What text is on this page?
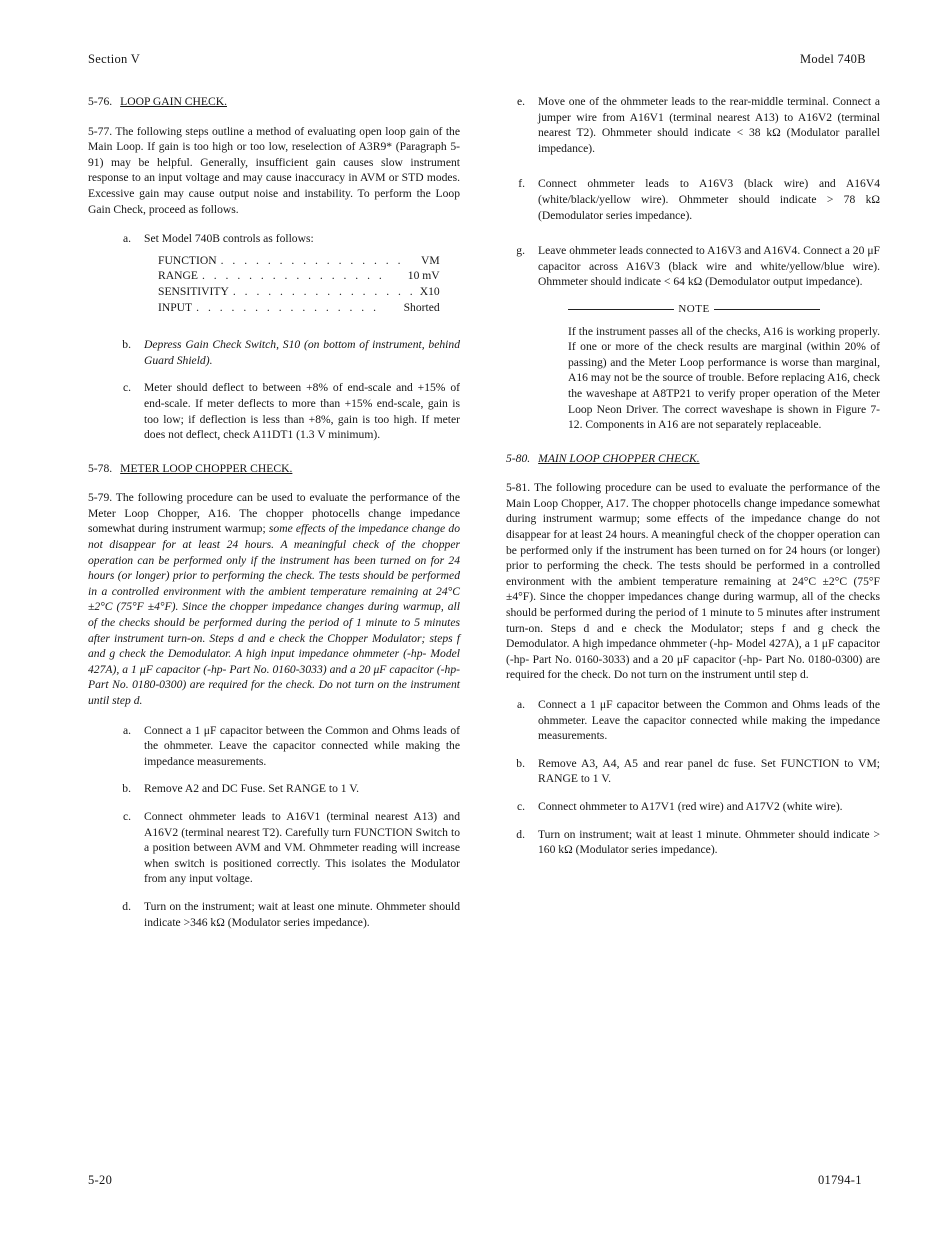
Section V	Model 740B
5-76. LOOP GAIN CHECK.

5-77. The following steps outline a method of evaluating open loop gain of the Main Loop. If gain is too high or too low, reselection of A3R9* (Paragraph 5-91) may be helpful. Generally, insufficient gain causes slow instrument response to an input voltage and may cause inaccuracy in AVM or STD modes. Excessive gain may cause output noise and instability. To perform the Loop Gain Check, proceed as follows.

a.	Set Model 740B controls as follows:
FUNCTION . . . . . . . . . . . . . . . .	VM
RANGE . . . . . . . . . . . . . . . .	10 mV
SENSITIVITY . . . . . . . . . . . . . . . . X10
INPUT . . . . . . . . . . . . . . . .	Shorted
b.	Depress Gain Check Switch, S10 (on bottom of instrument, behind Guard Shield).
c.	Meter should deflect to between +8% of end-scale and +15% of end-scale. If meter deflects to more than +15% end-scale, gain is too low; if deflection is less than +8%, gain is too high. If meter does not deflect, check A11DT1 (1.3 V minimum).
5-78. METER LOOP CHOPPER CHECK.

5-79. The following procedure can be used to evaluate the performance of the Meter Loop Chopper, A16. The chopper photocells change impedance somewhat during instrument warmup; some effects of the impedance change do not disappear for at least 24 hours. A meaningful check of the chopper operation can be performed only if the instrument has been turned on for 24 hours (or longer) prior to performing the check. The tests should be performed in a controlled environment with the ambient temperature remaining at 24°C ±2°C (75°F ±4°F). Since the chopper impedance changes during warmup, all of the checks should be performed during the period of 1 minute to 5 minutes after instrument turn-on. Steps d and e check the Chopper Modulator; steps f and g check the Demodulator. A high input impedance ohmmeter (-hp- Model 427A), a 1 μF capacitor (-hp- Part No. 0160-3033) and a 20 μF capacitor (-hp- Part No. 0180-0300) are required for the check. Do not turn on the instrument until step d.

a.	Connect a 1 μF capacitor between the Common and Ohms leads of the ohmmeter. Leave the capacitor connected while making the impedance measurements.
b.	Remove A2 and DC Fuse. Set RANGE to 1 V.
c.	Connect ohmmeter leads to A16V1 (terminal nearest A13) and A16V2 (terminal nearest T2). Carefully turn FUNCTION Switch to a position between AVM and VM. Ohmmeter reading will increase when switch is positioned correctly. This isolates the Modulator from any input voltage.
d.	Turn on the instrument; wait at least one minute. Ohmmeter should indicate >346 kΩ (Modulator series impedance).
e.	Move one of the ohmmeter leads to the rear-middle terminal. Connect a jumper wire from A16V1 (terminal nearest A13) to A16V2 (terminal nearest T2). Ohmmeter should indicate < 38 kΩ (Modulator parallel impedance).
f.	Connect ohmmeter leads to A16V3 (black wire) and A16V4 (white/black/yellow wire). Ohmmeter should indicate > 78 kΩ (Demodulator series impedance).
g.	Leave ohmmeter leads connected to A16V3 and A16V4. Connect a 20 μF capacitor across A16V3 (black wire and white/yellow/blue wire). Ohmmeter should indicate < 64 kΩ (Demodulator output impedance).
NOTE
If the instrument passes all of the checks, A16 is working properly. If one or more of the check results are marginal (within 20% of passing) and the Meter Loop performance is worse than marginal, A16 may not be the source of trouble. Before replacing A16, check the waveshape at A8TP21 to verify proper operation of the Meter Loop Neon Driver. The correct waveshape is shown in Figure 7-12. Components in A16 are not separately replaceable.
5-80. MAIN LOOP CHOPPER CHECK.

5-81. The following procedure can be used to evaluate the performance of the Main Loop Chopper, A17. The chopper photocells change impedance somewhat during instrument warmup; some effects of the impedance change do not disappear for at least 24 hours. A meaningful check of the chopper operation can be performed only if the instrument has been turned on for 24 hours (or longer) prior to performing the check. The tests should be performed in a controlled environment with the ambient temperature remaining at 24°C ±2°C (75°F ±4°F). Since the chopper impedances change during warmup, all of the checks should be performed during the period of 1 minute to 5 minutes after instrument turn-on. Steps d and e check the Modulator; steps f and g check the Demodulator. A high impedance ohmmeter (-hp- Model 427A), a 1 μF capacitor (-hp- Part No. 0160-3033) and a 20 μF capacitor (-hp- Part No. 0180-0300) are required for the check. Do not turn on the instrument until step d.

a.	Connect a 1 μF capacitor between the Common and Ohms leads of the ohmmeter. Leave the capacitor connected while making the impedance measurements.
b.	Remove A3, A4, A5 and rear panel dc fuse. Set FUNCTION to VM; RANGE to 1 V.
c.	Connect ohmmeter to A17V1 (red wire) and A17V2 (white wire).
d.	Turn on instrument; wait at least 1 minute. Ohmmeter should indicate > 160 kΩ (Modulator series impedance).
5-20	01794-1
